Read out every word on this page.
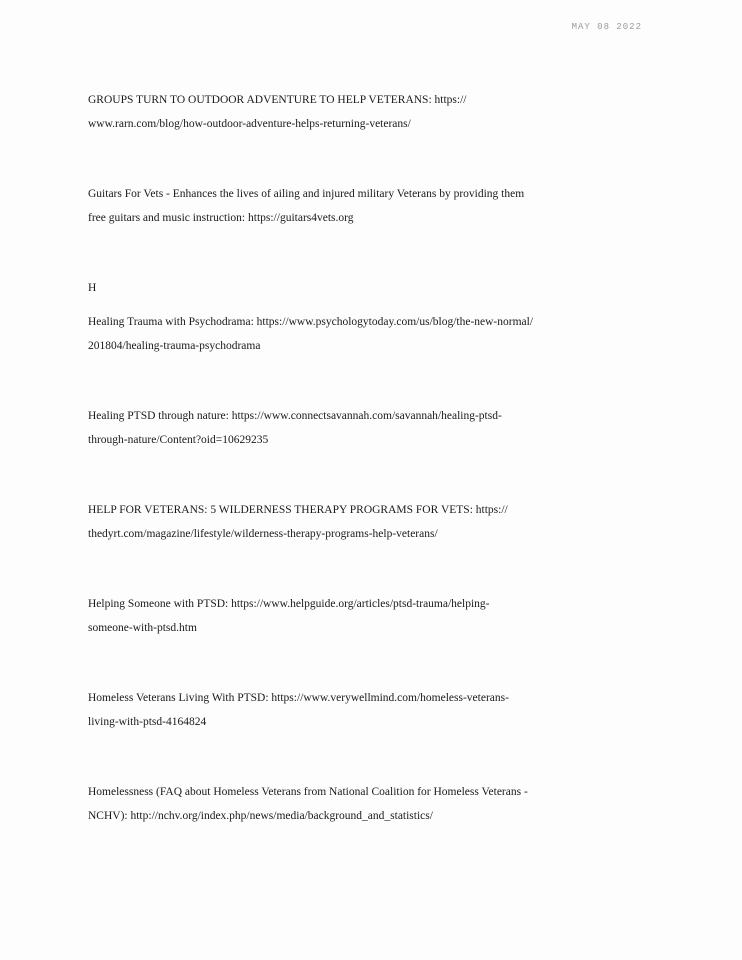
MAY 08 2022

GROUPS TURN TO OUTDOOR ADVENTURE TO HELP VETERANS: https://

www.rarn.com/blog/how-outdoor-adventure-helps-returning-veterans/

Guitars For Vets - Enhances the lives of ailing and injured military Veterans by providing them

free guitars and music instruction: https://guitars4vets.org

H

Healing Trauma with Psychodrama: https://www.psychologytoday.com/us/blog/the-new-normal/

201804/healing-trauma-psychodrama

Healing PTSD through nature: https://www.connectsavannah.com/savannah/healing-ptsd-

through-nature/Content?oid=10629235

HELP FOR VETERANS: 5 WILDERNESS THERAPY PROGRAMS FOR VETS: https://

thedyrt.com/magazine/lifestyle/wilderness-therapy-programs-help-veterans/

Helping Someone with PTSD: https://www.helpguide.org/articles/ptsd-trauma/helping-

someone-with-ptsd.htm

Homeless Veterans Living With PTSD: https://www.verywellmind.com/homeless-veterans-

living-with-ptsd-4164824

Homelessness (FAQ about Homeless Veterans from National Coalition for Homeless Veterans -

NCHV): http://nchv.org/index.php/news/media/background_and_statistics/
